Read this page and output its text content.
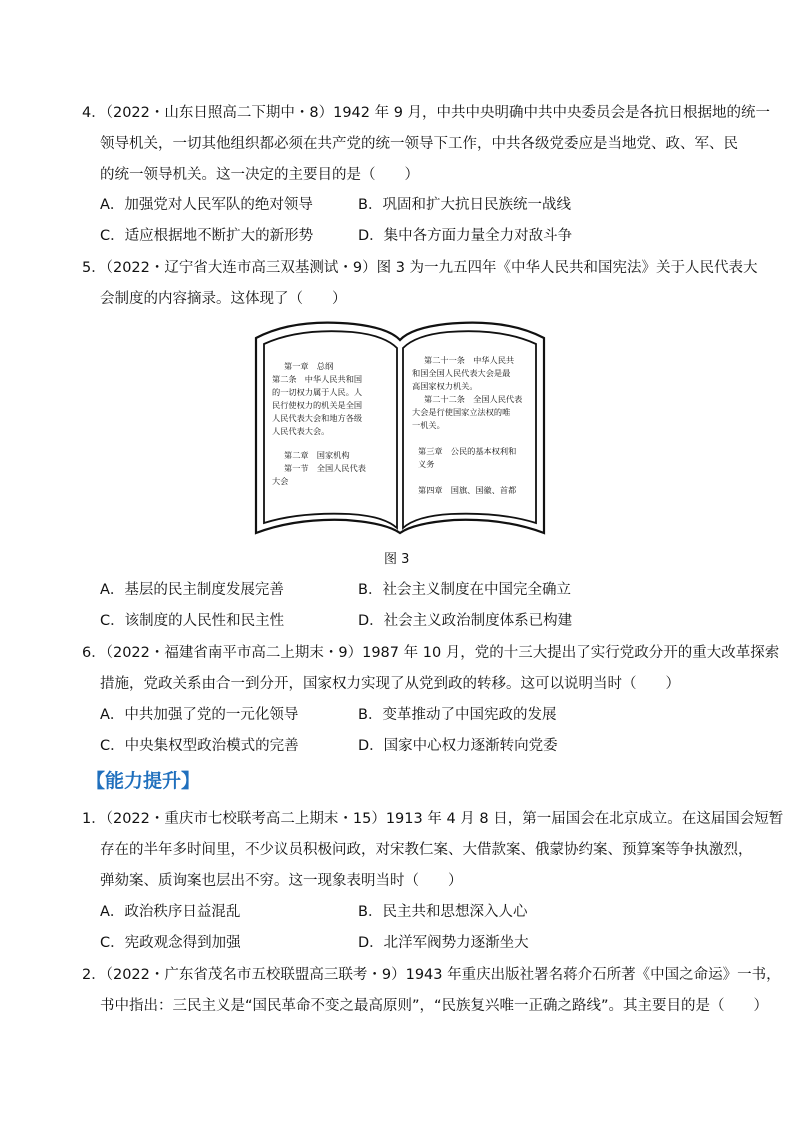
4．（2022・山东日照高二下期中・8）1942 年 9 月，中共中央明确中共中央委员会是各抗日根据地的统一
领导机关，一切其他组织都必须在共产党的统一领导下工作，中共各级党委应是当地党、政、军、民
的统一领导机关。这一决定的主要目的是（　　）
A．加强党对人民军队的绝对领导	B．巩固和扩大抗日民族统一战线
C．适应根据地不断扩大的新形势	D．集中各方面力量全力对敌斗争
5．（2022・辽宁省大连市高三双基测试・9）图 3 为一九五四年《中华人民共和国宪法》关于人民代表大
会制度的内容摘录。这体现了（　　）
第一章　总纲
第二条　中华人民共和国
的一切权力属于人民。人
民行使权力的机关是全国
人民代表大会和地方各级
人民代表大会。
第二章　国家机构
第一节　全国人民代表
大会
第二十一条　中华人民共
和国全国人民代表大会是最
高国家权力机关。
第二十二条　全国人民代表
大会是行使国家立法权的唯
一机关。
第三章　公民的基本权利和
义务
第四章　国旗、国徽、首都
图 3
A．基层的民主制度发展完善	B．社会主义制度在中国完全确立
C．该制度的人民性和民主性	D．社会主义政治制度体系已构建
6．（2022・福建省南平市高二上期末・9）1987 年 10 月，党的十三大提出了实行党政分开的重大改革探索
措施，党政关系由合一到分开，国家权力实现了从党到政的转移。这可以说明当时（　　）
A．中共加强了党的一元化领导	B．变革推动了中国宪政的发展
C．中央集权型政治模式的完善	D．国家中心权力逐渐转向党委
【能力提升】
1．（2022・重庆市七校联考高二上期末・15）1913 年 4 月 8 日，第一届国会在北京成立。在这届国会短暂
存在的半年多时间里，不少议员积极问政，对宋教仁案、大借款案、俄蒙协约案、预算案等争执激烈，
弹劾案、质询案也层出不穷。这一现象表明当时（　　）
A．政治秩序日益混乱	B．民主共和思想深入人心
C．宪政观念得到加强	D．北洋军阀势力逐渐坐大
2．（2022・广东省茂名市五校联盟高三联考・9）1943 年重庆出版社署名蒋介石所著《中国之命运》一书，
书中指出：三民主义是“国民革命不变之最高原则”，“民族复兴唯一正确之路线”。其主要目的是（　　）
